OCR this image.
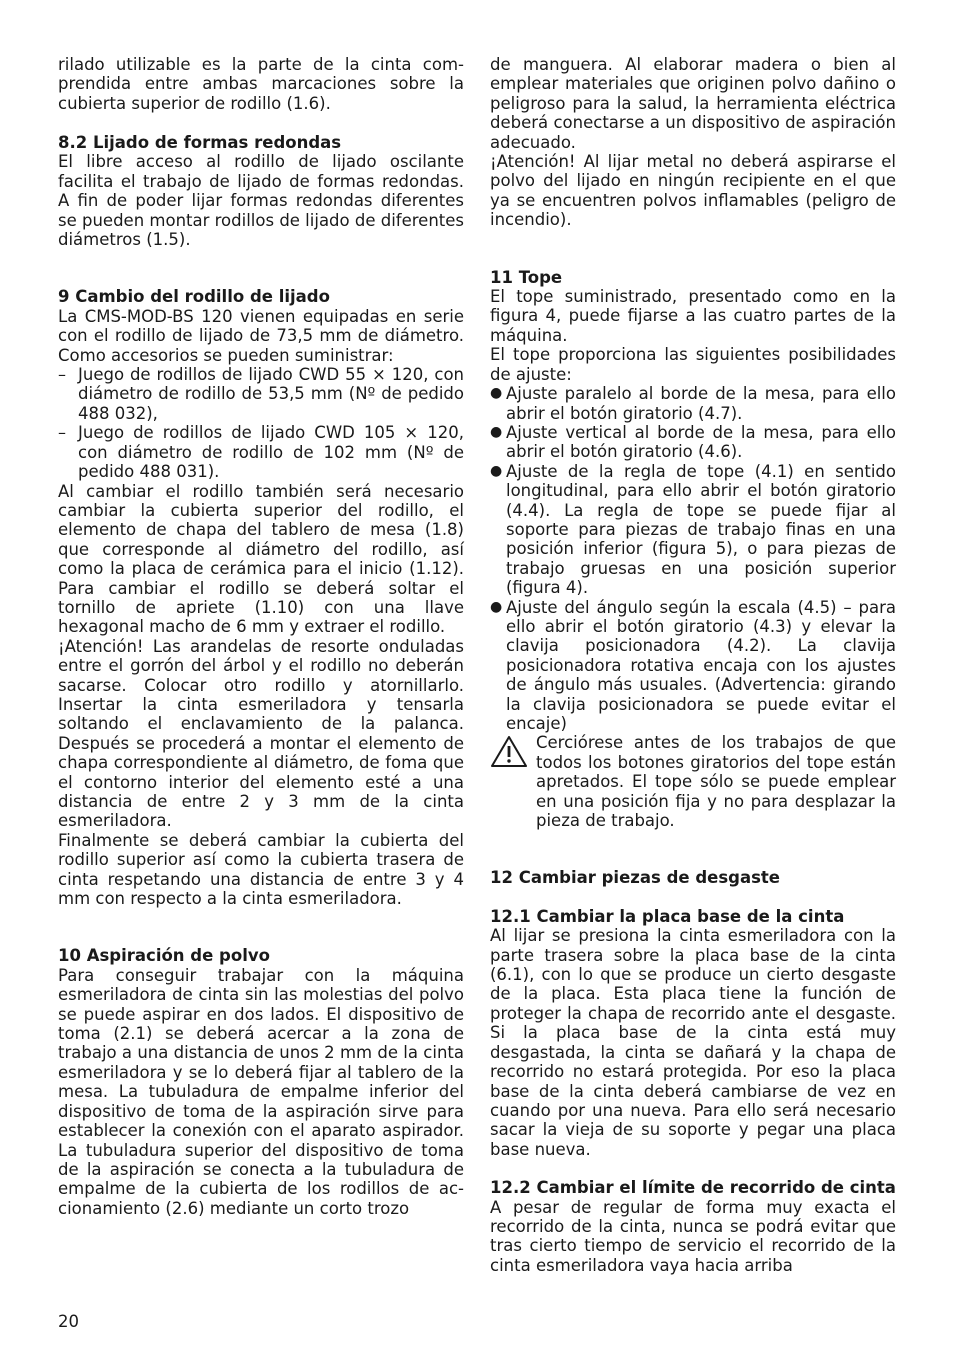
rilado utilizable es la parte de la cinta comprendida entre ambas marcaciones sobre la cubierta superior de rodillo (1.6).

8.2 Lijado de formas redondas

El libre acceso al rodillo de lijado oscilante facilita el trabajo de lijado de formas redondas. A fin de poder lijar formas redondas diferentes se pueden montar rodillos de lijado de diferentes diámetros (1.5).

9 Cambio del rodillo de lijado

La CMS-MOD-BS 120 vienen equipadas en serie con el rodillo de lijado de 73,5 mm de diámetro. Como accesorios se pueden suministrar:

– Juego de rodillos de lijado CWD 55 × 120, con diámetro de rodillo de 53,5 mm (Nº de pedido 488 032),

– Juego de rodillos de lijado CWD 105 × 120, con diámetro de rodillo de 102 mm (Nº de pedido 488 031).

Al cambiar el rodillo también será necesario cambiar la cubierta superior del rodillo, el elemento de chapa del tablero de mesa (1.8) que corresponde al diámetro del rodillo, así como la placa de cerámica para el inicio (1.12). Para cambiar el rodillo se deberá soltar el tornillo de apriete (1.10) con una llave hexagonal macho de 6 mm y extraer el rodillo.

¡Atención! Las arandelas de resorte onduladas entre el gorrón del árbol y el rodillo no deberán sacarse. Colocar otro rodillo y atornillarlo. Insertar la cinta esmeriladora y tensarla soltando el enclavamiento de la palanca. Después se procederá a montar el elemento de chapa correspondiente al diámetro, de foma que el contorno interior del elemento esté a una distancia de entre 2 y 3 mm de la cinta esmeriladora.

Finalmente se deberá cambiar la cubierta del rodillo superior así como la cubierta trasera de cinta respetando una distancia de entre 3 y 4 mm con respecto a la cinta esmeriladora.

10 Aspiración de polvo

Para conseguir trabajar con la máquina esmeriladora de cinta sin las molestias del polvo se puede aspirar en dos lados. El dispositivo de toma (2.1) se deberá acercar a la zona de trabajo a una distancia de unos 2 mm de la cinta esmeriladora y se lo deberá fijar al tablero de la mesa. La tubuladura de empalme inferior del dispositivo de toma de la aspiración sirve para establecer la conexión con el aparato aspirador. La tubuladura superior del dispositivo de toma de la aspiración se conecta a la tubuladura de empalme de la cubierta de los rodillos de accionamiento (2.6) mediante un corto trozo

de manguera. Al elaborar madera o bien al emplear materiales que originen polvo dañino o peligroso para la salud, la herramienta eléctrica deberá conectarse a un dispositivo de aspiración adecuado.

¡Atención! Al lijar metal no deberá aspirarse el polvo del lijado en ningún recipiente en el que ya se encuentren polvos inflamables (peligro de incendio).

11 Tope

El tope suministrado, presentado como en la figura 4, puede fijarse a las cuatro partes de la máquina.

El tope proporciona las siguientes posibilidades de ajuste:

● Ajuste paralelo al borde de la mesa, para ello abrir el botón giratorio (4.7).

● Ajuste vertical al borde de la mesa, para ello abrir el botón giratorio (4.6).

● Ajuste de la regla de tope (4.1) en sentido longitudinal, para ello abrir el botón giratorio (4.4). La regla de tope se puede fijar al soporte para piezas de trabajo finas en una posición inferior (figura 5), o para piezas de trabajo gruesas en una posición superior (figura 4).

● Ajuste del ángulo según la escala (4.5) – para ello abrir el botón giratorio (4.3) y elevar la clavija posicionadora (4.2). La clavija posicionadora rotativa encaja con los ajustes de ángulo más usuales. (Advertencia: girando la clavija posicionadora se puede evitar el encaje)

Cerciórese antes de los trabajos de que todos los botones giratorios del tope están apretados. El tope sólo se puede emplear en una posición fija y no para desplazar la pieza de trabajo.

12 Cambiar piezas de desgaste
12.1 Cambiar la placa base de la cinta

Al lijar se presiona la cinta esmeriladora con la parte trasera sobre la placa base de la cinta (6.1), con lo que se produce un cierto desgaste de la placa. Esta placa tiene la función de proteger la chapa de recorrido ante el desgaste. Si la placa base de la cinta está muy desgastada, la cinta se dañará y la chapa de recorrido no estará protegida. Por eso la placa base de la cinta deberá cambiarse de vez en cuando por una nueva. Para ello será necesario sacar la vieja de su soporte y pegar una placa base nueva.

12.2 Cambiar el límite de recorrido de cinta

A pesar de regular de forma muy exacta el recorrido de la cinta, nunca se podrá evitar que tras cierto tiempo de servicio el recorrido de la cinta esmeriladora vaya hacia arriba

20
